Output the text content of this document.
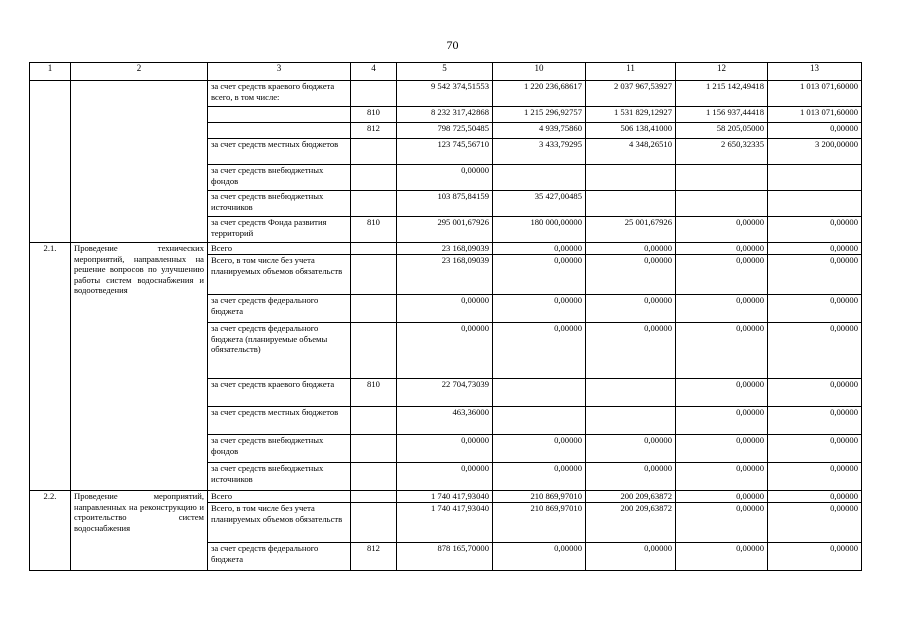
70
1	2	3	4	5	10	11	12	13
		за счет средств краевого бюджета всего, в том числе:		9 542 374,51553	1 220 236,68617	2 037 967,53927	1 215 142,49418	1 013 071,60000
			810	8 232 317,42868	1 215 296,92757	1 531 829,12927	1 156 937,44418	1 013 071,60000
			812	798 725,50485	4 939,75860	506 138,41000	58 205,05000	0,00000
		за счет средств местных бюджетов		123 745,56710	3 433,79295	4 348,26510	2 650,32335	3 200,00000
		за счет средств внебюджетных фондов		0,00000				
		за счет средств внебюджетных источников		103 875,84159	35 427,00485			
		за счет средств Фонда развития территорий	810	295 001,67926	180 000,00000	25 001,67926	0,00000	0,00000
2.1.	Проведение технических мероприятий, направленных на решение вопросов по улучшению работы систем водоснабжения и водоотведения	Всего		23 168,09039	0,00000	0,00000	0,00000	0,00000
		Всего, в том числе без учета планируемых объемов обязательств		23 168,09039	0,00000	0,00000	0,00000	0,00000
		за счет средств федерального бюджета		0,00000	0,00000	0,00000	0,00000	0,00000
		за счет средств федерального бюджета (планируемые объемы обязательств)		0,00000	0,00000	0,00000	0,00000	0,00000
		за счет средств краевого бюджета	810	22 704,73039			0,00000	0,00000
		за счет средств местных бюджетов		463,36000			0,00000	0,00000
		за счет средств внебюджетных фондов		0,00000	0,00000	0,00000	0,00000	0,00000
		за счет средств внебюджетных источников		0,00000	0,00000	0,00000	0,00000	0,00000
2.2.	Проведение мероприятий, направленных на реконструкцию и строительство систем водоснабжения	Всего		1 740 417,93040	210 869,97010	200 209,63872	0,00000	0,00000
		Всего, в том числе без учета планируемых объемов обязательств		1 740 417,93040	210 869,97010	200 209,63872	0,00000	0,00000
		за счет средств федерального бюджета	812	878 165,70000	0,00000	0,00000	0,00000	0,00000
